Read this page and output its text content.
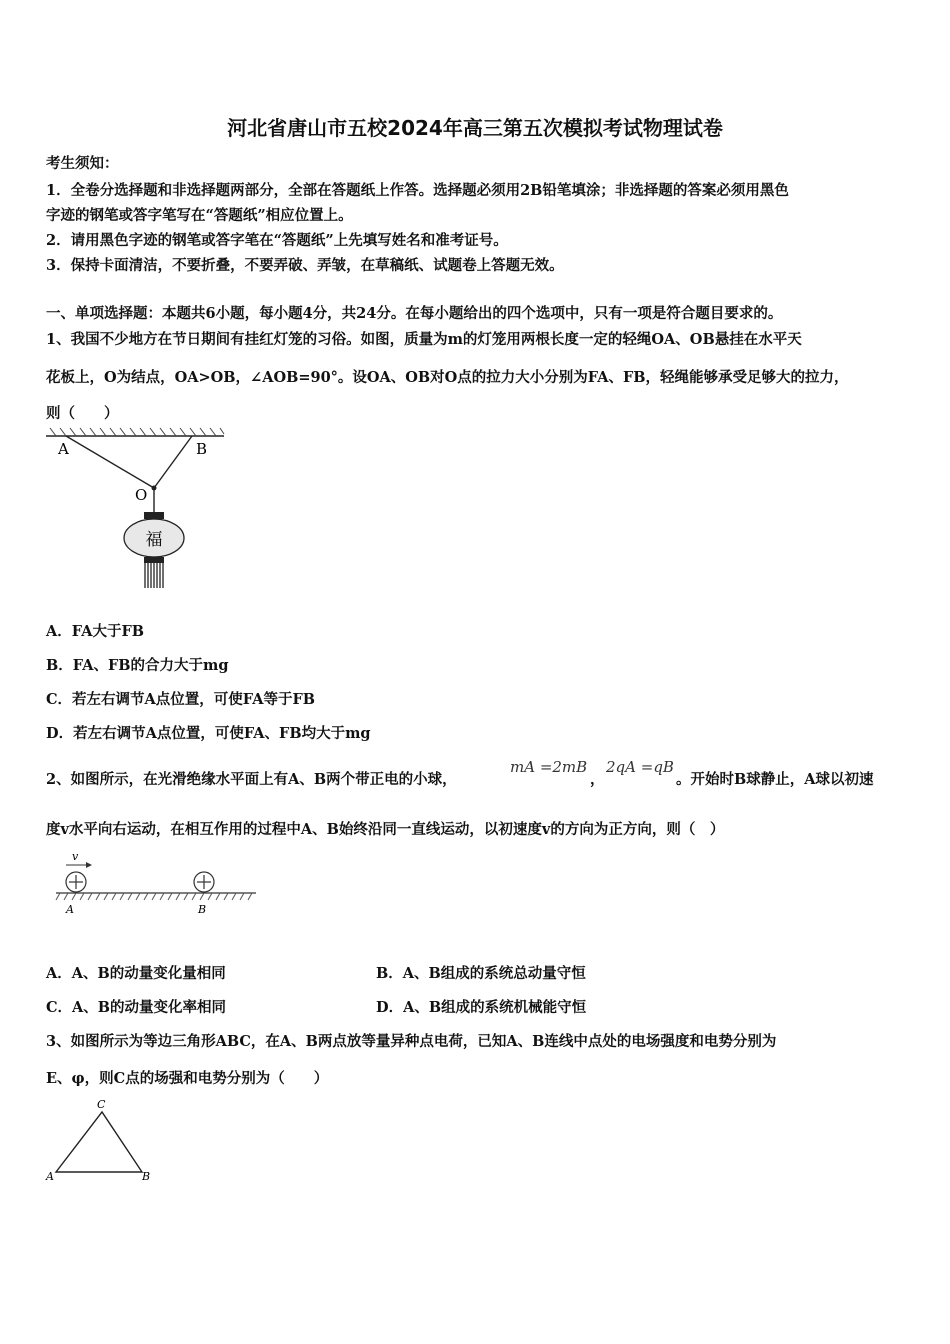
河北省唐山市五校2024年高三第五次模拟考试物理试卷
考生须知：
1．全卷分选择题和非选择题两部分，全部在答题纸上作答。选择题必须用2B铅笔填涂；非选择题的答案必须用黑色
字迹的钢笔或答字笔写在“答题纸”相应位置上。
2．请用黑色字迹的钢笔或答字笔在“答题纸”上先填写姓名和准考证号。
3．保持卡面清洁，不要折叠，不要弄破、弄皱，在草稿纸、试题卷上答题无效。
一、单项选择题：本题共6小题，每小题4分，共24分。在每小题给出的四个选项中，只有一项是符合题目要求的。
1、我国不少地方在节日期间有挂红灯笼的习俗。如图，质量为m的灯笼用两根长度一定的轻绳OA、OB悬挂在水平天
花板上，O为结点，OA>OB，∠AOB=90°。设OA、OB对O点的拉力大小分别为FA、FB，轻绳能够承受足够大的拉力，
则（　　）
A	B
O
福
A．FA大于FB
B．FA、FB的合力大于mg
C．若左右调节A点位置，可使FA等于FB
D．若左右调节A点位置，可使FA、FB均大于mg
2、如图所示，在光滑绝缘水平面上有A、B两个带正电的小球，
mA =2mB
，
2qA =qB
。开始时B球静止，A球以初速
度v水平向右运动，在相互作用的过程中A、B始终沿同一直线运动，以初速度v的方向为正方向，则（　）
v
A	B
A．A、B的动量变化量相同	B．A、B组成的系统总动量守恒
C．A、B的动量变化率相同	D．A、B组成的系统机械能守恒
3、如图所示为等边三角形ABC，在A、B两点放等量异种点电荷，已知A、B连线中点处的电场强度和电势分别为
E、φ，则C点的场强和电势分别为（　　）
C
A	B
